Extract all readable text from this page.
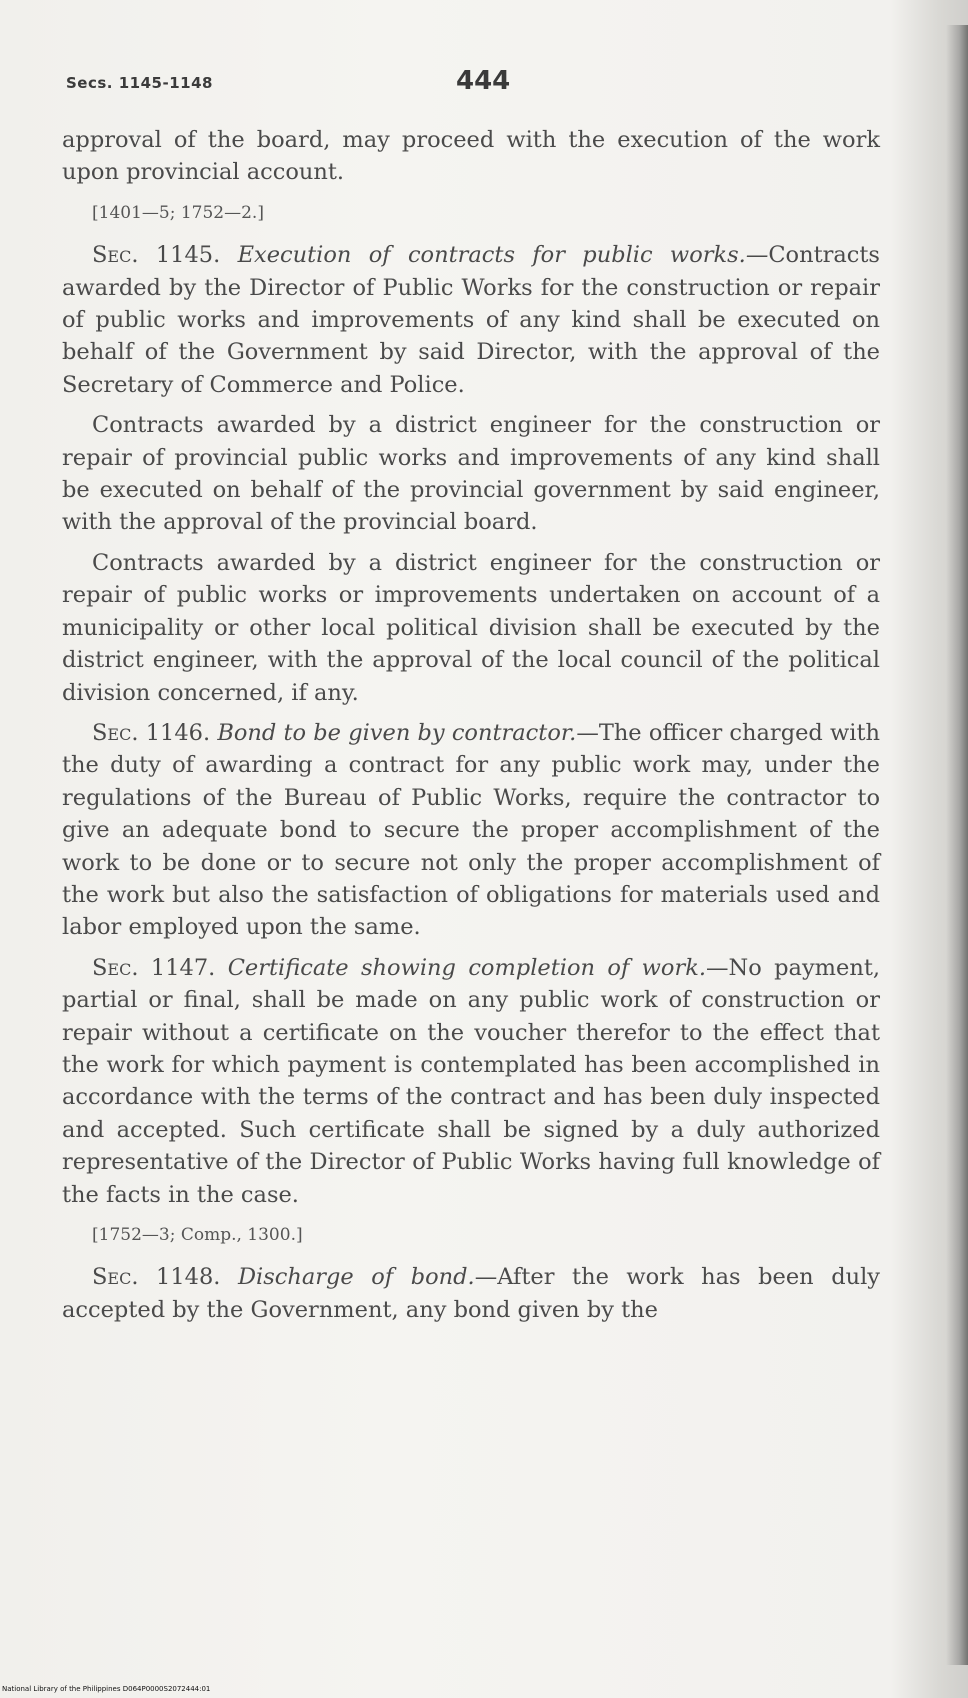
Secs. 1145-1148	444

approval of the board, may proceed with the execution of the work upon provincial account.

[1401—5; 1752—2.]

Sec. 1145. Execution of contracts for public works.—Contracts awarded by the Director of Public Works for the construction or repair of public works and improvements of any kind shall be executed on behalf of the Government by said Director, with the approval of the Secretary of Commerce and Police.

Contracts awarded by a district engineer for the construction or repair of provincial public works and improvements of any kind shall be executed on behalf of the provincial government by said engineer, with the approval of the provincial board.

Contracts awarded by a district engineer for the construction or repair of public works or improvements undertaken on account of a municipality or other local political division shall be executed by the district engineer, with the approval of the local council of the political division concerned, if any.

Sec. 1146. Bond to be given by contractor.—The officer charged with the duty of awarding a contract for any public work may, under the regulations of the Bureau of Public Works, require the contractor to give an adequate bond to secure the proper accomplishment of the work to be done or to secure not only the proper accomplishment of the work but also the satisfaction of obligations for materials used and labor employed upon the same.

Sec. 1147. Certificate showing completion of work.—No payment, partial or final, shall be made on any public work of construction or repair without a certificate on the voucher therefor to the effect that the work for which payment is contemplated has been accomplished in accordance with the terms of the contract and has been duly inspected and accepted. Such certificate shall be signed by a duly authorized representative of the Director of Public Works having full knowledge of the facts in the case.

[1752—3; Comp., 1300.]

Sec. 1148. Discharge of bond.—After the work has been duly accepted by the Government, any bond given by the

National Library of the Philippines D064P0000S2072444:01
